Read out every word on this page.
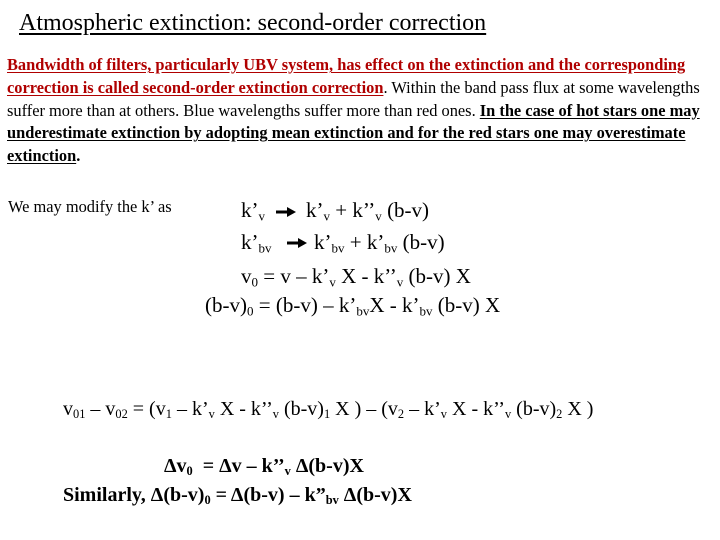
Atmospheric extinction: second-order correction
Bandwidth of filters, particularly UBV system, has effect on the extinction and the corresponding correction is called second-order extinction correction. Within the band pass flux at some wavelengths suffer more than at others. Blue wavelengths suffer more than red ones. In the case of hot stars one may underestimate extinction by adopting mean extinction and for the red stars one may overestimate extinction.
We may modify the k’ as	$k’_v$ $k’_v$ + $k’’_v$ (b-v)
$k’_{bv}$ $k’_{bv}$ + $k’_{bv}$ (b-v)
$v_0 = v$ – $k’_v$ X - $k’’_v$ (b-v) X
$(b-v)_0 = (b-v)$ – $k’_{bv}X$ - $k’_{bv}$ (b-v) X
$v_{01} - v_{02} = (v_1$ – $k’_v$ X - $k’’_v$ $(b-v)_1$ X ) – ($v_2$ – $k’_v$ X - $k’’_v$ $(b-v)_2$ X )
$\Delta v_0 = \Delta v$ – $k’’_v$ Δ(b-v)X
Similarly, $\Delta(b-v)_0 = \Delta(b-v)$ – $k”_{bv}$ Δ(b-v)X
